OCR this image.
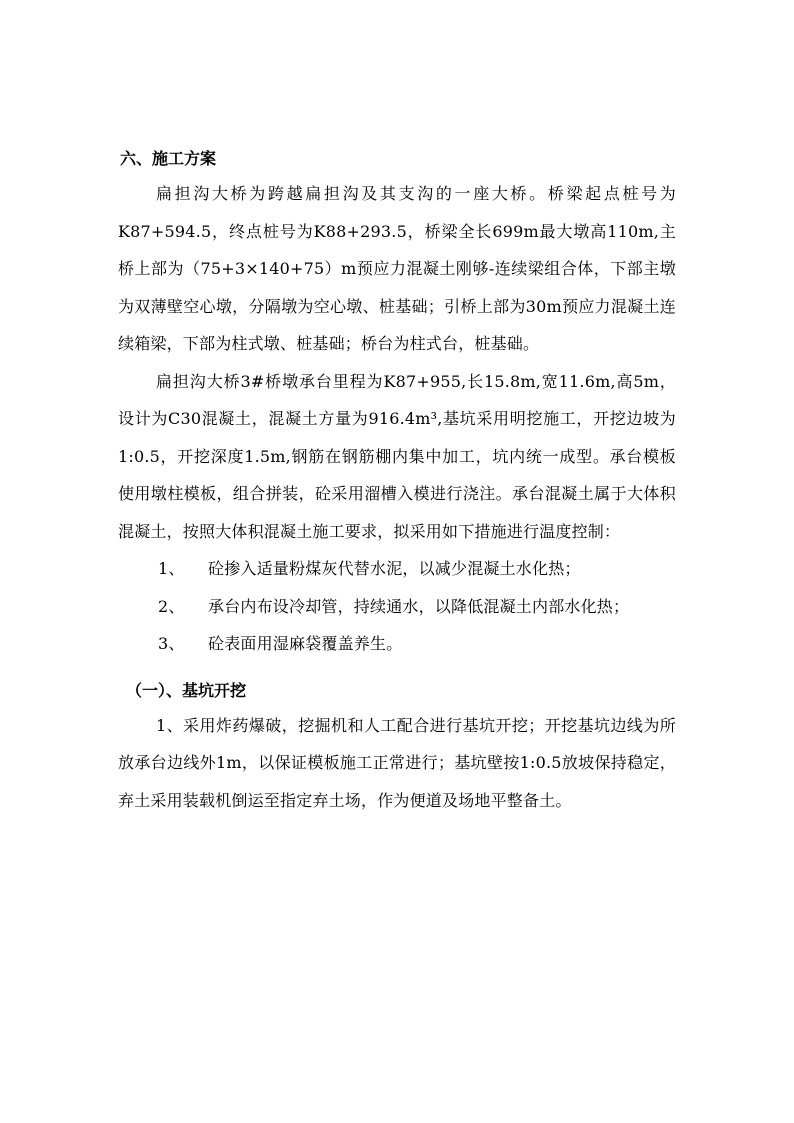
六、施工方案

扁担沟大桥为跨越扁担沟及其支沟的一座大桥。桥梁起点桩号为K87+594.5，终点桩号为K88+293.5，桥梁全长699m最大墩高110m,主桥上部为（75+3×140+75）m预应力混凝土刚够-连续梁组合体，下部主墩为双薄壁空心墩，分隔墩为空心墩、桩基础；引桥上部为30m预应力混凝土连续箱梁，下部为柱式墩、桩基础；桥台为柱式台，桩基础。

扁担沟大桥3#桥墩承台里程为K87+955,长15.8m,宽11.6m,高5m，设计为C30混凝土，混凝土方量为916.4m³,基坑采用明挖施工，开挖边坡为1:0.5，开挖深度1.5m,钢筋在钢筋棚内集中加工，坑内统一成型。承台模板使用墩柱模板，组合拼装，砼采用溜槽入模进行浇注。承台混凝土属于大体积混凝土，按照大体积混凝土施工要求，拟采用如下措施进行温度控制：

1、	砼掺入适量粉煤灰代替水泥，以减少混凝土水化热；
2、	承台内布设冷却管，持续通水，以降低混凝土内部水化热；
3、	砼表面用湿麻袋覆盖养生。
（一）、基坑开挖

1、采用炸药爆破，挖掘机和人工配合进行基坑开挖；开挖基坑边线为所放承台边线外1m，以保证模板施工正常进行；基坑壁按1:0.5放坡保持稳定，弃土采用装载机倒运至指定弃土场，作为便道及场地平整备土。
